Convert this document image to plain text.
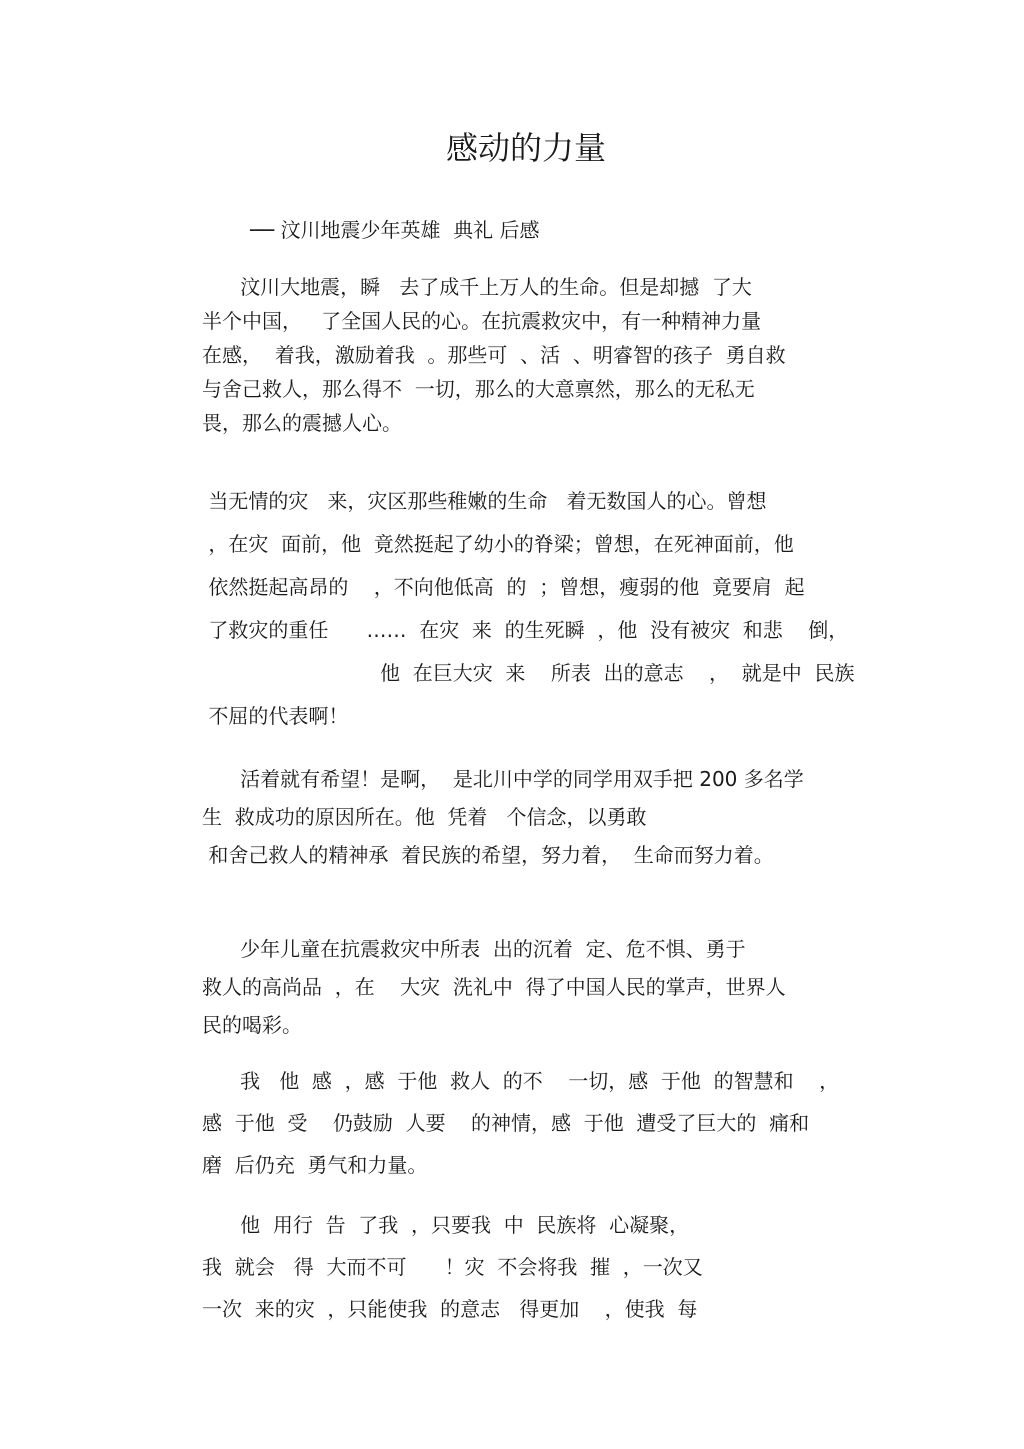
感动的力量

── 汶川地震少年英雄  典礼 后感

汶川大地震，瞬   去了成千上万人的生命。但是却撼  了大
半个中国，   了全国人民的心。在抗震救灾中，有一种精神力量
在感，  着我，激励着我  。那些可  、活  、明睿智的孩子  勇自救
与舍己救人，那么得不  一切，那么的大意禀然，那么的无私无
畏，那么的震撼人心。
当无情的灾   来，灾区那些稚嫩的生命   着无数国人的心。曾想
，在灾  面前，他  竟然挺起了幼小的脊梁；曾想，在死神面前，他
依然挺起高昂的    ，不向他低高  的  ；曾想，瘦弱的他  竟要肩  起
了救灾的重任      ……  在灾  来  的生死瞬  ，他  没有被灾  和悲    倒，
他  在巨大灾  来    所表  出的意志    ，  就是中  民族
不屈的代表啊！
活着就有希望！是啊，  是北川中学的同学用双手把 200 多名学
生  救成功的原因所在。他  凭着   个信念，以勇敢
和舍己救人的精神承  着民族的希望，努力着，  生命而努力着。
少年儿童在抗震救灾中所表  出的沉着  定、危不惧、勇于
救人的高尚品  ，在    大灾  洗礼中  得了中国人民的掌声，世界人
民的喝彩。
我   他  感  ，感  于他  救人  的不    一切，感  于他  的智慧和    ，
感  于他  受    仍鼓励  人要    的神情，感  于他  遭受了巨大的  痛和
磨  后仍充  勇气和力量。
他  用行  告  了我  ，只要我  中  民族将  心凝聚，
我  就会   得  大而不可      ！灾  不会将我  摧  ，一次又
一次  来的灾  ，只能使我  的意志   得更加    ，使我  每
